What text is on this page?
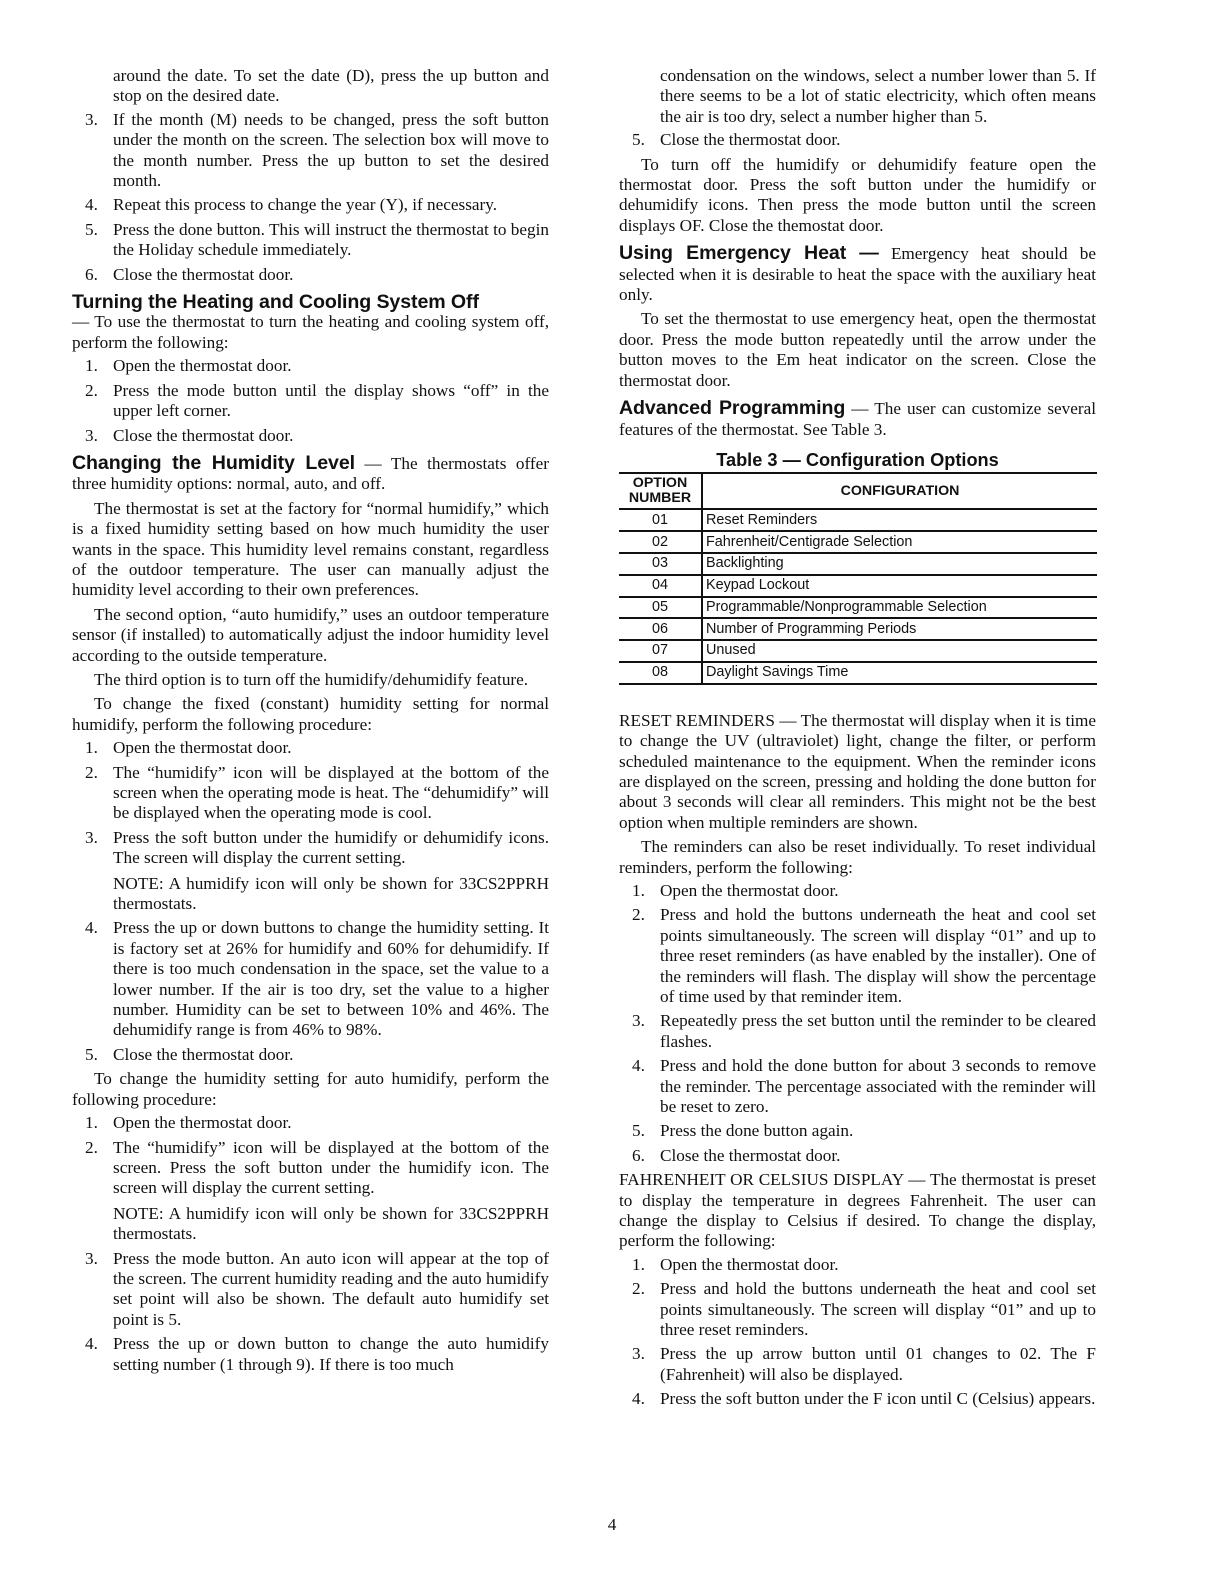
around the date. To set the date (D), press the up button and stop on the desired date.

3. If the month (M) needs to be changed, press the soft button under the month on the screen. The selection box will move to the month number. Press the up button to set the desired month.
4. Repeat this process to change the year (Y), if necessary.
5. Press the done button. This will instruct the thermostat to begin the Holiday schedule immediately.
6. Close the thermostat door.

Turning the Heating and Cooling System Off
— To use the thermostat to turn the heating and cooling system off, perform the following:

1. Open the thermostat door.
2. Press the mode button until the display shows “off” in the upper left corner.
3. Close the thermostat door.

Changing the Humidity Level — The thermostats offer three humidity options: normal, auto, and off.

The thermostat is set at the factory for “normal humidify,” which is a fixed humidity setting based on how much humidity the user wants in the space. This humidity level remains constant, regardless of the outdoor temperature. The user can manually adjust the humidity level according to their own preferences.

The second option, “auto humidify,” uses an outdoor temperature sensor (if installed) to automatically adjust the indoor humidity level according to the outside temperature.

The third option is to turn off the humidify/dehumidify feature.

To change the fixed (constant) humidity setting for normal humidify, perform the following procedure:

1. Open the thermostat door.
2. The “humidify” icon will be displayed at the bottom of the screen when the operating mode is heat. The “dehumidify” will be displayed when the operating mode is cool.
3. Press the soft button under the humidify or dehumidify icons. The screen will display the current setting.

NOTE: A humidify icon will only be shown for 33CS2PPRH thermostats.

4. Press the up or down buttons to change the humidity setting. It is factory set at 26% for humidify and 60% for dehumidify. If there is too much condensation in the space, set the value to a lower number. If the air is too dry, set the value to a higher number. Humidity can be set to between 10% and 46%. The dehumidify range is from 46% to 98%.
5. Close the thermostat door.

To change the humidity setting for auto humidify, perform the following procedure:

1. Open the thermostat door.
2. The “humidify” icon will be displayed at the bottom of the screen. Press the soft button under the humidify icon. The screen will display the current setting.

NOTE: A humidify icon will only be shown for 33CS2PPRH thermostats.

3. Press the mode button. An auto icon will appear at the top of the screen. The current humidity reading and the auto humidify set point will also be shown. The default auto humidify set point is 5.
4. Press the up or down button to change the auto humidify setting number (1 through 9). If there is too much

condensation on the windows, select a number lower than 5. If there seems to be a lot of static electricity, which often means the air is too dry, select a number higher than 5.

5. Close the thermostat door.

To turn off the humidify or dehumidify feature open the thermostat door. Press the soft button under the humidify or dehumidify icons. Then press the mode button until the screen displays OF. Close the themostat door.

Using Emergency Heat — Emergency heat should be selected when it is desirable to heat the space with the auxiliary heat only.

To set the thermostat to use emergency heat, open the thermostat door. Press the mode button repeatedly until the arrow under the button moves to the Em heat indicator on the screen. Close the thermostat door.

Advanced Programming — The user can customize several features of the thermostat. See Table 3.

Table 3 — Configuration Options
OPTION
NUMBER	CONFIGURATION
01	Reset Reminders
02	Fahrenheit/Centigrade Selection
03	Backlighting
04	Keypad Lockout
05	Programmable/Nonprogrammable Selection
06	Number of Programming Periods
07	Unused
08	Daylight Savings Time

RESET REMINDERS — The thermostat will display when it is time to change the UV (ultraviolet) light, change the filter, or perform scheduled maintenance to the equipment. When the reminder icons are displayed on the screen, pressing and holding the done button for about 3 seconds will clear all reminders. This might not be the best option when multiple reminders are shown.

The reminders can also be reset individually. To reset individual reminders, perform the following:

1. Open the thermostat door.
2. Press and hold the buttons underneath the heat and cool set points simultaneously. The screen will display “01” and up to three reset reminders (as have enabled by the installer). One of the reminders will flash. The display will show the percentage of time used by that reminder item.
3. Repeatedly press the set button until the reminder to be cleared flashes.
4. Press and hold the done button for about 3 seconds to remove the reminder. The percentage associated with the reminder will be reset to zero.
5. Press the done button again.
6. Close the thermostat door.

FAHRENHEIT OR CELSIUS DISPLAY — The thermostat is preset to display the temperature in degrees Fahrenheit. The user can change the display to Celsius if desired. To change the display, perform the following:

1. Open the thermostat door.
2. Press and hold the buttons underneath the heat and cool set points simultaneously. The screen will display “01” and up to three reset reminders.
3. Press the up arrow button until 01 changes to 02. The F (Fahrenheit) will also be displayed.
4. Press the soft button under the F icon until C (Celsius) appears.
4
